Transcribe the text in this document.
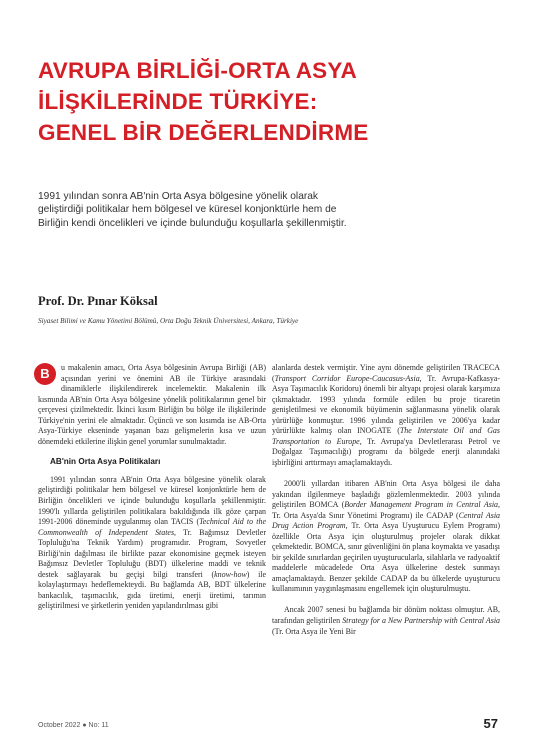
AVRUPA BİRLİĞİ-ORTA ASYA
İLİŞKİLERİNDE TÜRKİYE:
GENEL BİR DEĞERLENDİRME

1991 yılından sonra AB'nin Orta Asya bölgesine yönelik olarak
geliştirdiği politikalar hem bölgesel ve küresel konjonktürle hem de
Birliğin kendi öncelikleri ve içinde bulunduğu koşullarla şekillenmiştir.

Prof. Dr. Pınar Köksal

Siyaset Bilimi ve Kamu Yönetimi Bölümü, Orta Doğu Teknik Üniversitesi, Ankara, Türkiye

B	u makalenin amacı, Orta Asya bölgesinin Avrupa Birliği (AB) açısından yerini ve önemini AB ile Türkiye arasındaki dinamiklerle ilişkilendirerek incelemektir. Makalenin ilk kısmında AB'nin Orta Asya bölgesine yönelik politikalarının genel bir çerçevesi çizilmektedir. İkinci kısım Birliğin bu bölge ile ilişkilerinde Türkiye'nin yerini ele almaktadır. Üçüncü ve son kısımda ise AB-Orta Asya-Türkiye ekseninde yaşanan bazı gelişmelerin kısa ve uzun dönemdeki etkilerine ilişkin genel yorumlar sunulmaktadır.

AB'nin Orta Asya Politikaları

1991 yılından sonra AB'nin Orta Asya bölgesine yönelik olarak geliştirdiği politikalar hem bölgesel ve küresel konjonktürle hem de Birliğin öncelikleri ve içinde bulunduğu koşullarla şekillenmiştir. 1990'lı yıllarda geliştirilen politikalara bakıldığında ilk göze çarpan 1991-2006 döneminde uygulanmış olan TACIS (Technical Aid to the Commonwealth of Independent States, Tr. Bağımsız Devletler Topluluğu'na Teknik Yardım) programıdır. Program, Sovyetler Birliği'nin dağılması ile birlikte pazar ekonomisine geçmek isteyen Bağımsız Devletler Topluluğu (BDT) ülkelerine maddi ve teknik destek sağlayarak bu geçişi bilgi transferi (know-how) ile kolaylaştırmayı hedeflemekteydi. Bu bağlamda AB, BDT ülkelerine bankacılık, taşımacılık, gıda üretimi, enerji üretimi, tarımın geliştirilmesi ve şirketlerin yeniden yapılandırılması gibi

alanlarda destek vermiştir. Yine aynı dönemde geliştirilen TRACECA (Transport Corridor Europe-Caucasus-Asia, Tr. Avrupa-Kafkasya-Asya Taşımacılık Koridoru) önemli bir altyapı projesi olarak karşımıza çıkmaktadır. 1993 yılında formüle edilen bu proje ticaretin genişletilmesi ve ekonomik büyümenin sağlanmasına yönelik olarak yürürlüğe konmuştur. 1996 yılında geliştirilen ve 2006'ya kadar yürürlükte kalmış olan INOGATE (The Interstate Oil and Gas Transportation to Europe, Tr. Avrupa'ya Devletlerarası Petrol ve Doğalgaz Taşımacılığı) programı da bölgede enerji alanındaki işbirliğini arttırmayı amaçlamaktaydı.

2000'li yıllardan itibaren AB'nin Orta Asya bölgesi ile daha yakından ilgilenmeye başladığı gözlemlenmektedir. 2003 yılında geliştirilen BOMCA (Border Management Program in Central Asia, Tr. Orta Asya'da Sınır Yönetimi Programı) ile CADAP (Central Asia Drug Action Program, Tr. Orta Asya Uyuşturucu Eylem Programı) özellikle Orta Asya için oluşturulmuş projeler olarak dikkat çekmektedir. BOMCA, sınır güvenliğini ön plana koymakta ve yasadışı bir şekilde sınırlardan geçirilen uyuşturucularla, silahlarla ve radyoaktif maddelerle mücadelede Orta Asya ülkelerine destek sunmayı amaçlamaktaydı. Benzer şekilde CADAP da bu ülkelerde uyuşturucu kullanımının yaygınlaşmasını engellemek için oluşturulmuştu.

Ancak 2007 senesi bu bağlamda bir dönüm noktası olmuştur. AB, tarafından geliştirilen Strategy for a New Partnership with Central Asia (Tr. Orta Asya ile Yeni Bir

October 2022 ● No: 11	57
